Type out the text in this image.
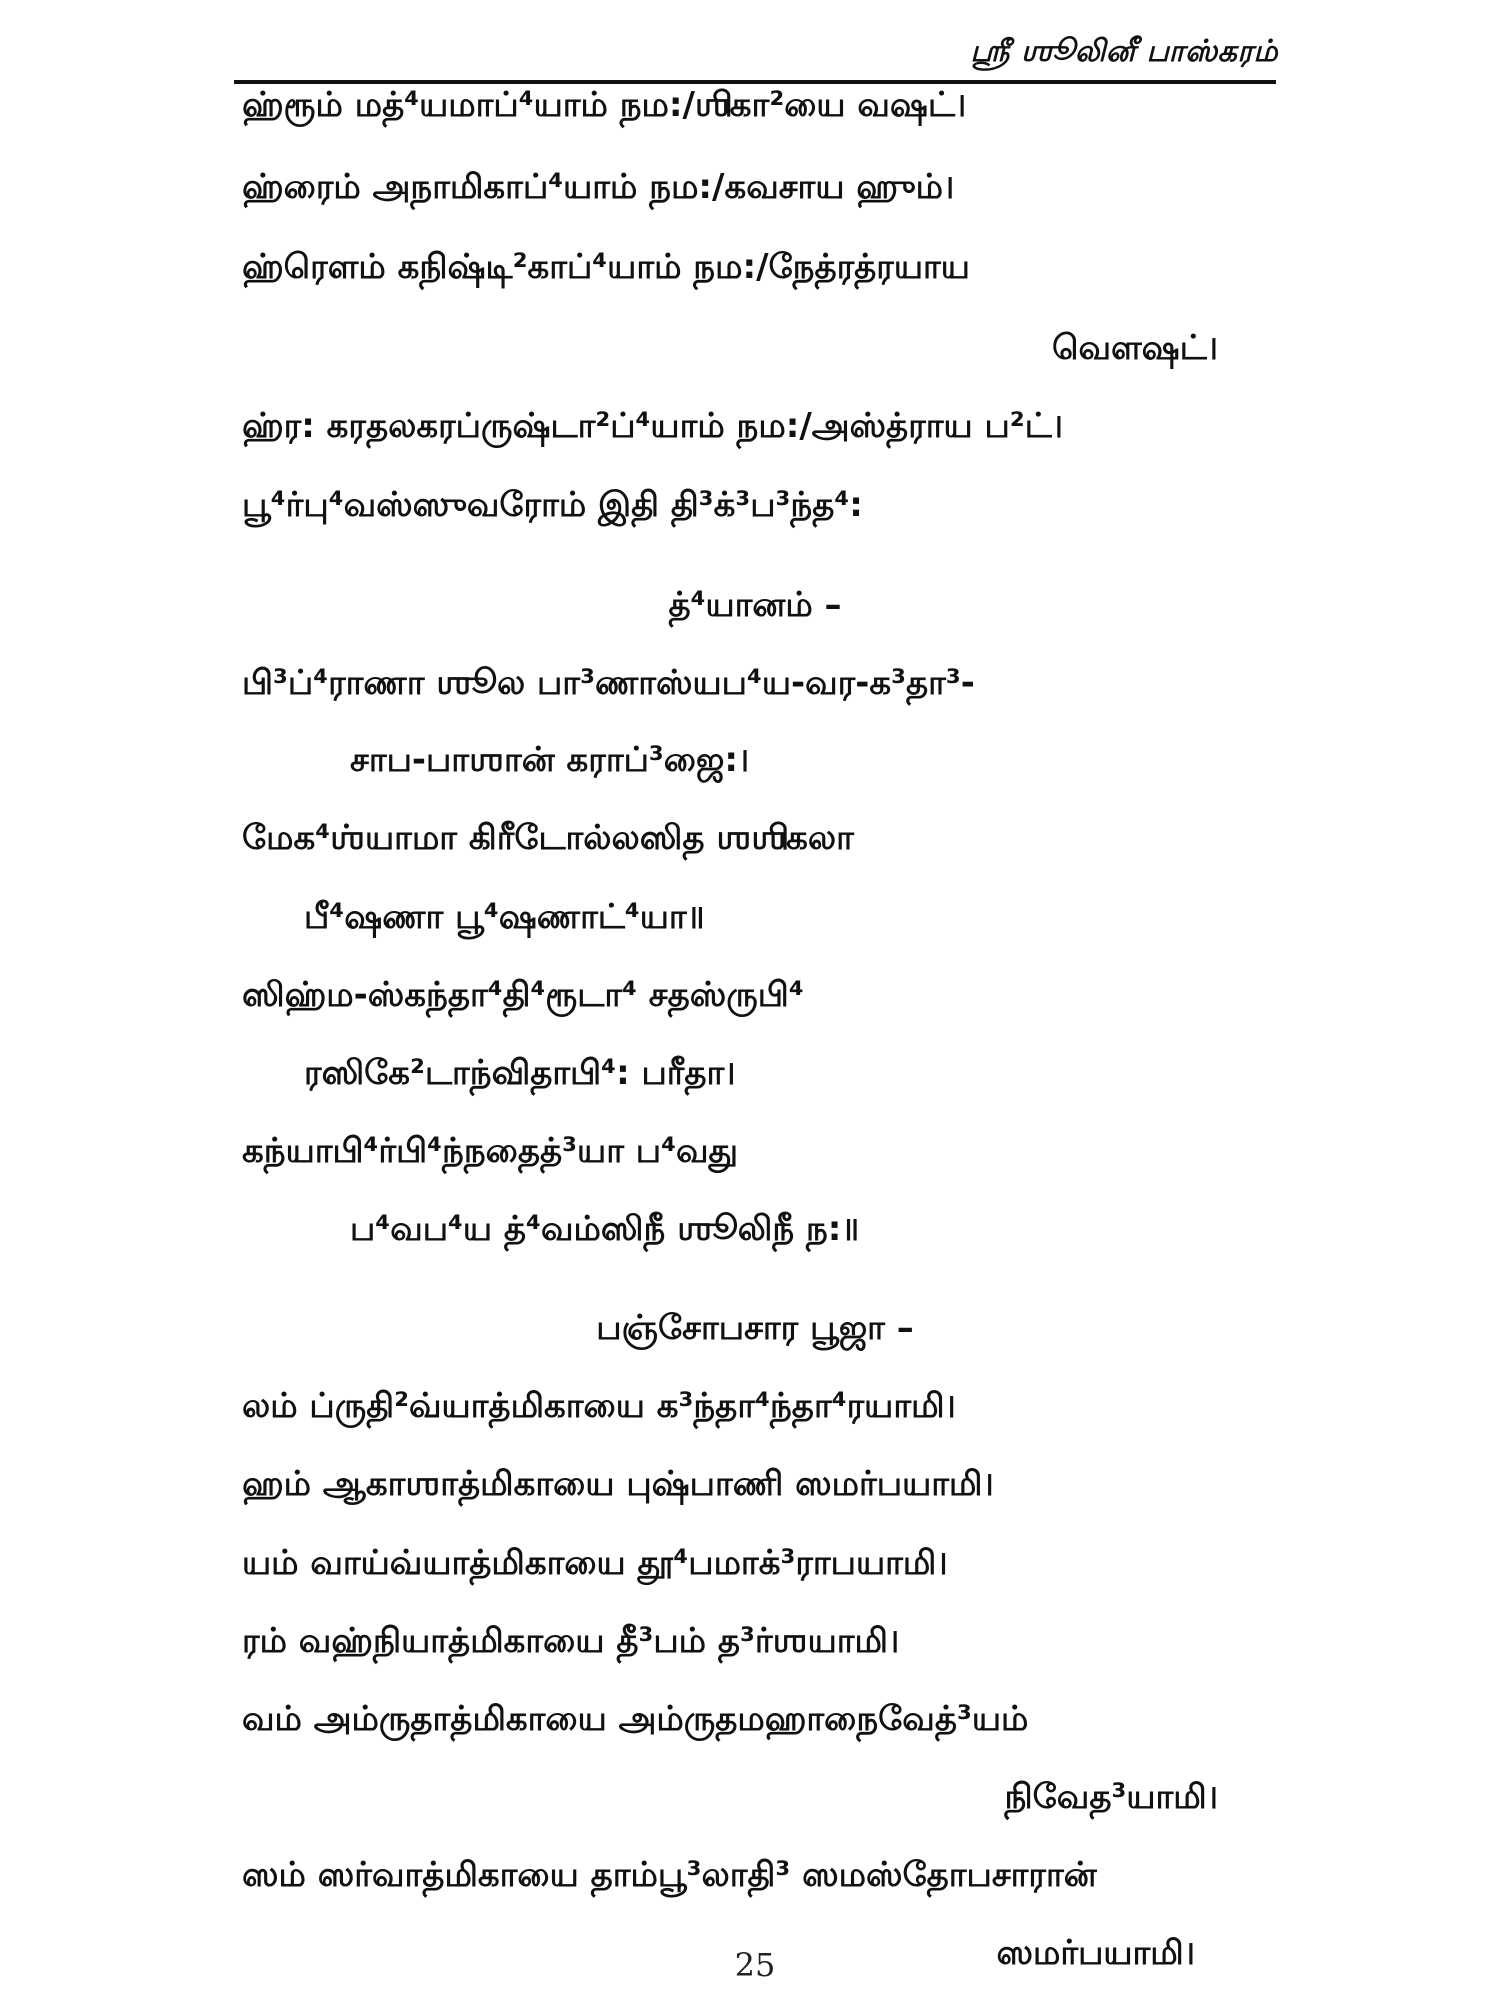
ஸ்ரீ ஶூலினீ பாஸ்கரம்
ஹ்ரூம் மத்⁴யமாப்⁴யாம் நம꞉/ஶிகா²யை வஷட்।
ஹ்ரைம் அநாமிகாப்⁴யாம் நம꞉/கவசாய ஹும்।
ஹ்ரௌம் கநிஷ்டி²காப்⁴யாம் நம꞉/நேத்ரத்ரயாய
வௌஷட்।
ஹ்ர꞉ கரதலகரப்ருஷ்டா²ப்⁴யாம் நம꞉/அஸ்த்ராய ப²ட்।
பூ⁴ர்பு⁴வஸ்ஸுவரோம் இதி தி³க்³ப³ந்த⁴꞉
த்⁴யானம் –
பி³ப்⁴ராணா ஶூல பா³ணாஸ்யப⁴ய-வர-க³தா³-
சாப-பாஶான் கராப்³ஜை꞉।
மேக⁴ஶ்யாமா கிரீடோல்லஸித ஶஶிகலா
பீ⁴ஷணா பூ⁴ஷணாட்⁴யா॥
ஸிஹ்ம-ஸ்கந்தா⁴தி⁴ரூடா⁴ சதஸ்ருபி⁴
ரஸிகே²டாந்விதாபி⁴꞉ பரீதா।
கந்யாபி⁴ர்பி⁴ந்நதைத்³யா ப⁴வது
ப⁴வப⁴ய த்⁴வம்ஸிநீ ஶூலிநீ ந꞉॥
பஞ்சோபசார பூஜா –
லம் ப்ருதி²வ்யாத்மிகாயை க³ந்தா⁴ந்தா⁴ரயாமி।
ஹம் ஆகாஶாத்மிகாயை புஷ்பாணி ஸமர்பயாமி।
யம் வாய்வ்யாத்மிகாயை தூ⁴பமாக்³ராபயாமி।
ரம் வஹ்நியாத்மிகாயை தீ³பம் த³ர்ஶயாமி।
வம் அம்ருதாத்மிகாயை அம்ருதமஹாநைவேத்³யம்
நிவேத³யாமி।
ஸம் ஸர்வாத்மிகாயை தாம்பூ³லாதி³ ஸமஸ்தோபசாரான்
ஸமர்பயாமி।
25
